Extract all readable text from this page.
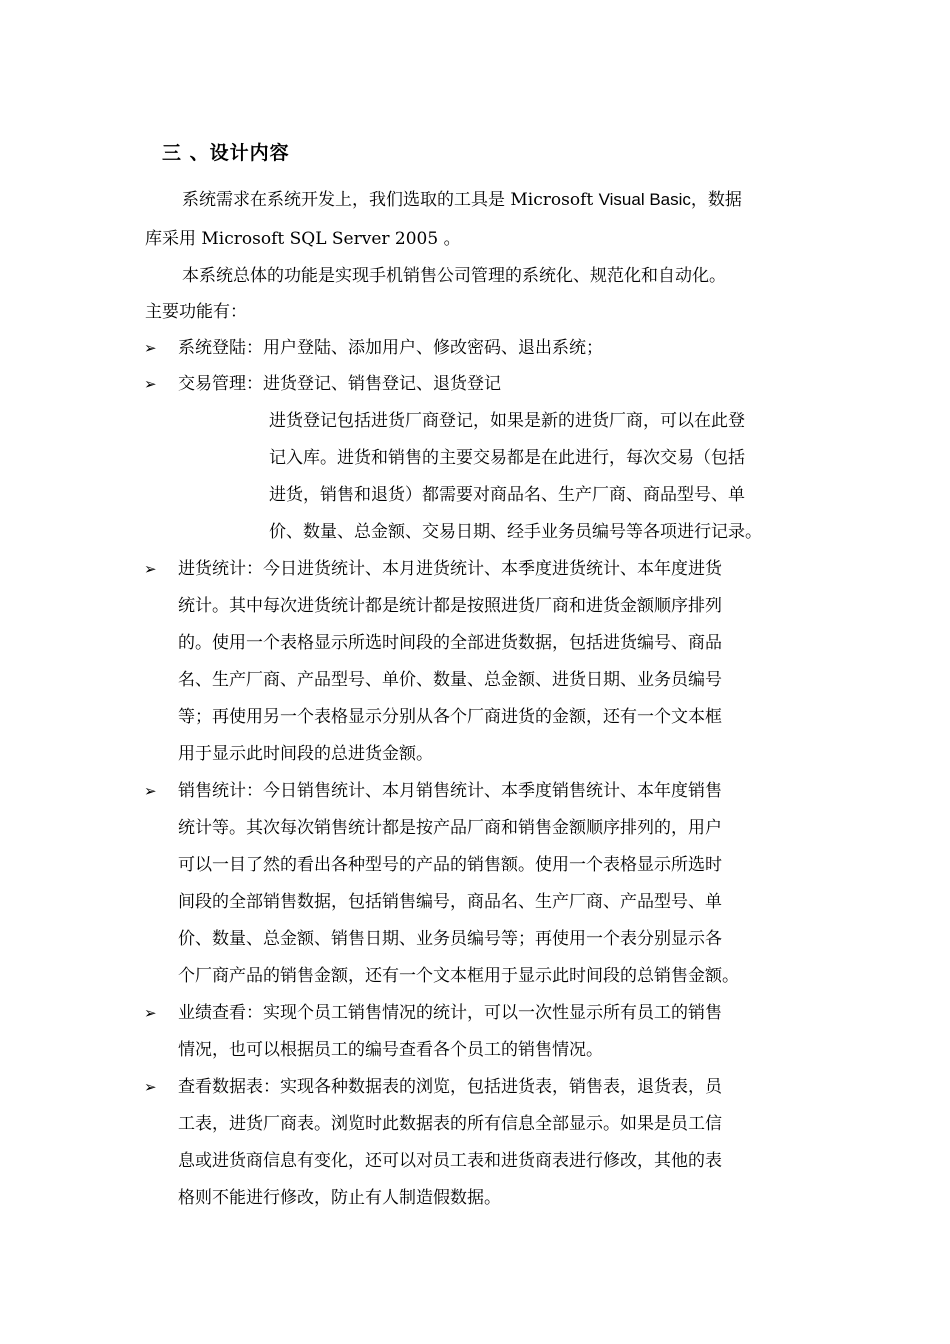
三 、设计内容
系统需求在系统开发上，我们选取的工具是 Microsoft Visual Basic，数据
库采用 Microsoft SQL Server 2005 。
本系统总体的功能是实现手机销售公司管理的系统化、规范化和自动化。
主要功能有：
➢	系统登陆：用户登陆、添加用户、修改密码、退出系统；
➢	交易管理：进货登记、销售登记、退货登记
进货登记包括进货厂商登记，如果是新的进货厂商，可以在此登
记入库。进货和销售的主要交易都是在此进行，每次交易（包括
进货，销售和退货）都需要对商品名、生产厂商、商品型号、单
价、数量、总金额、交易日期、经手业务员编号等各项进行记录。
➢	进货统计：今日进货统计、本月进货统计、本季度进货统计、本年度进货
统计。其中每次进货统计都是统计都是按照进货厂商和进货金额顺序排列
的。使用一个表格显示所选时间段的全部进货数据，包括进货编号、商品
名、生产厂商、产品型号、单价、数量、总金额、进货日期、业务员编号
等；再使用另一个表格显示分别从各个厂商进货的金额，还有一个文本框
用于显示此时间段的总进货金额。
➢	销售统计：今日销售统计、本月销售统计、本季度销售统计、本年度销售
统计等。其次每次销售统计都是按产品厂商和销售金额顺序排列的，用户
可以一目了然的看出各种型号的产品的销售额。使用一个表格显示所选时
间段的全部销售数据，包括销售编号，商品名、生产厂商、产品型号、单
价、数量、总金额、销售日期、业务员编号等；再使用一个表分别显示各
个厂商产品的销售金额，还有一个文本框用于显示此时间段的总销售金额。
➢	业绩查看：实现个员工销售情况的统计，可以一次性显示所有员工的销售
情况，也可以根据员工的编号查看各个员工的销售情况。
➢	查看数据表：实现各种数据表的浏览，包括进货表，销售表，退货表，员
工表，进货厂商表。浏览时此数据表的所有信息全部显示。如果是员工信
息或进货商信息有变化，还可以对员工表和进货商表进行修改，其他的表
格则不能进行修改，防止有人制造假数据。
